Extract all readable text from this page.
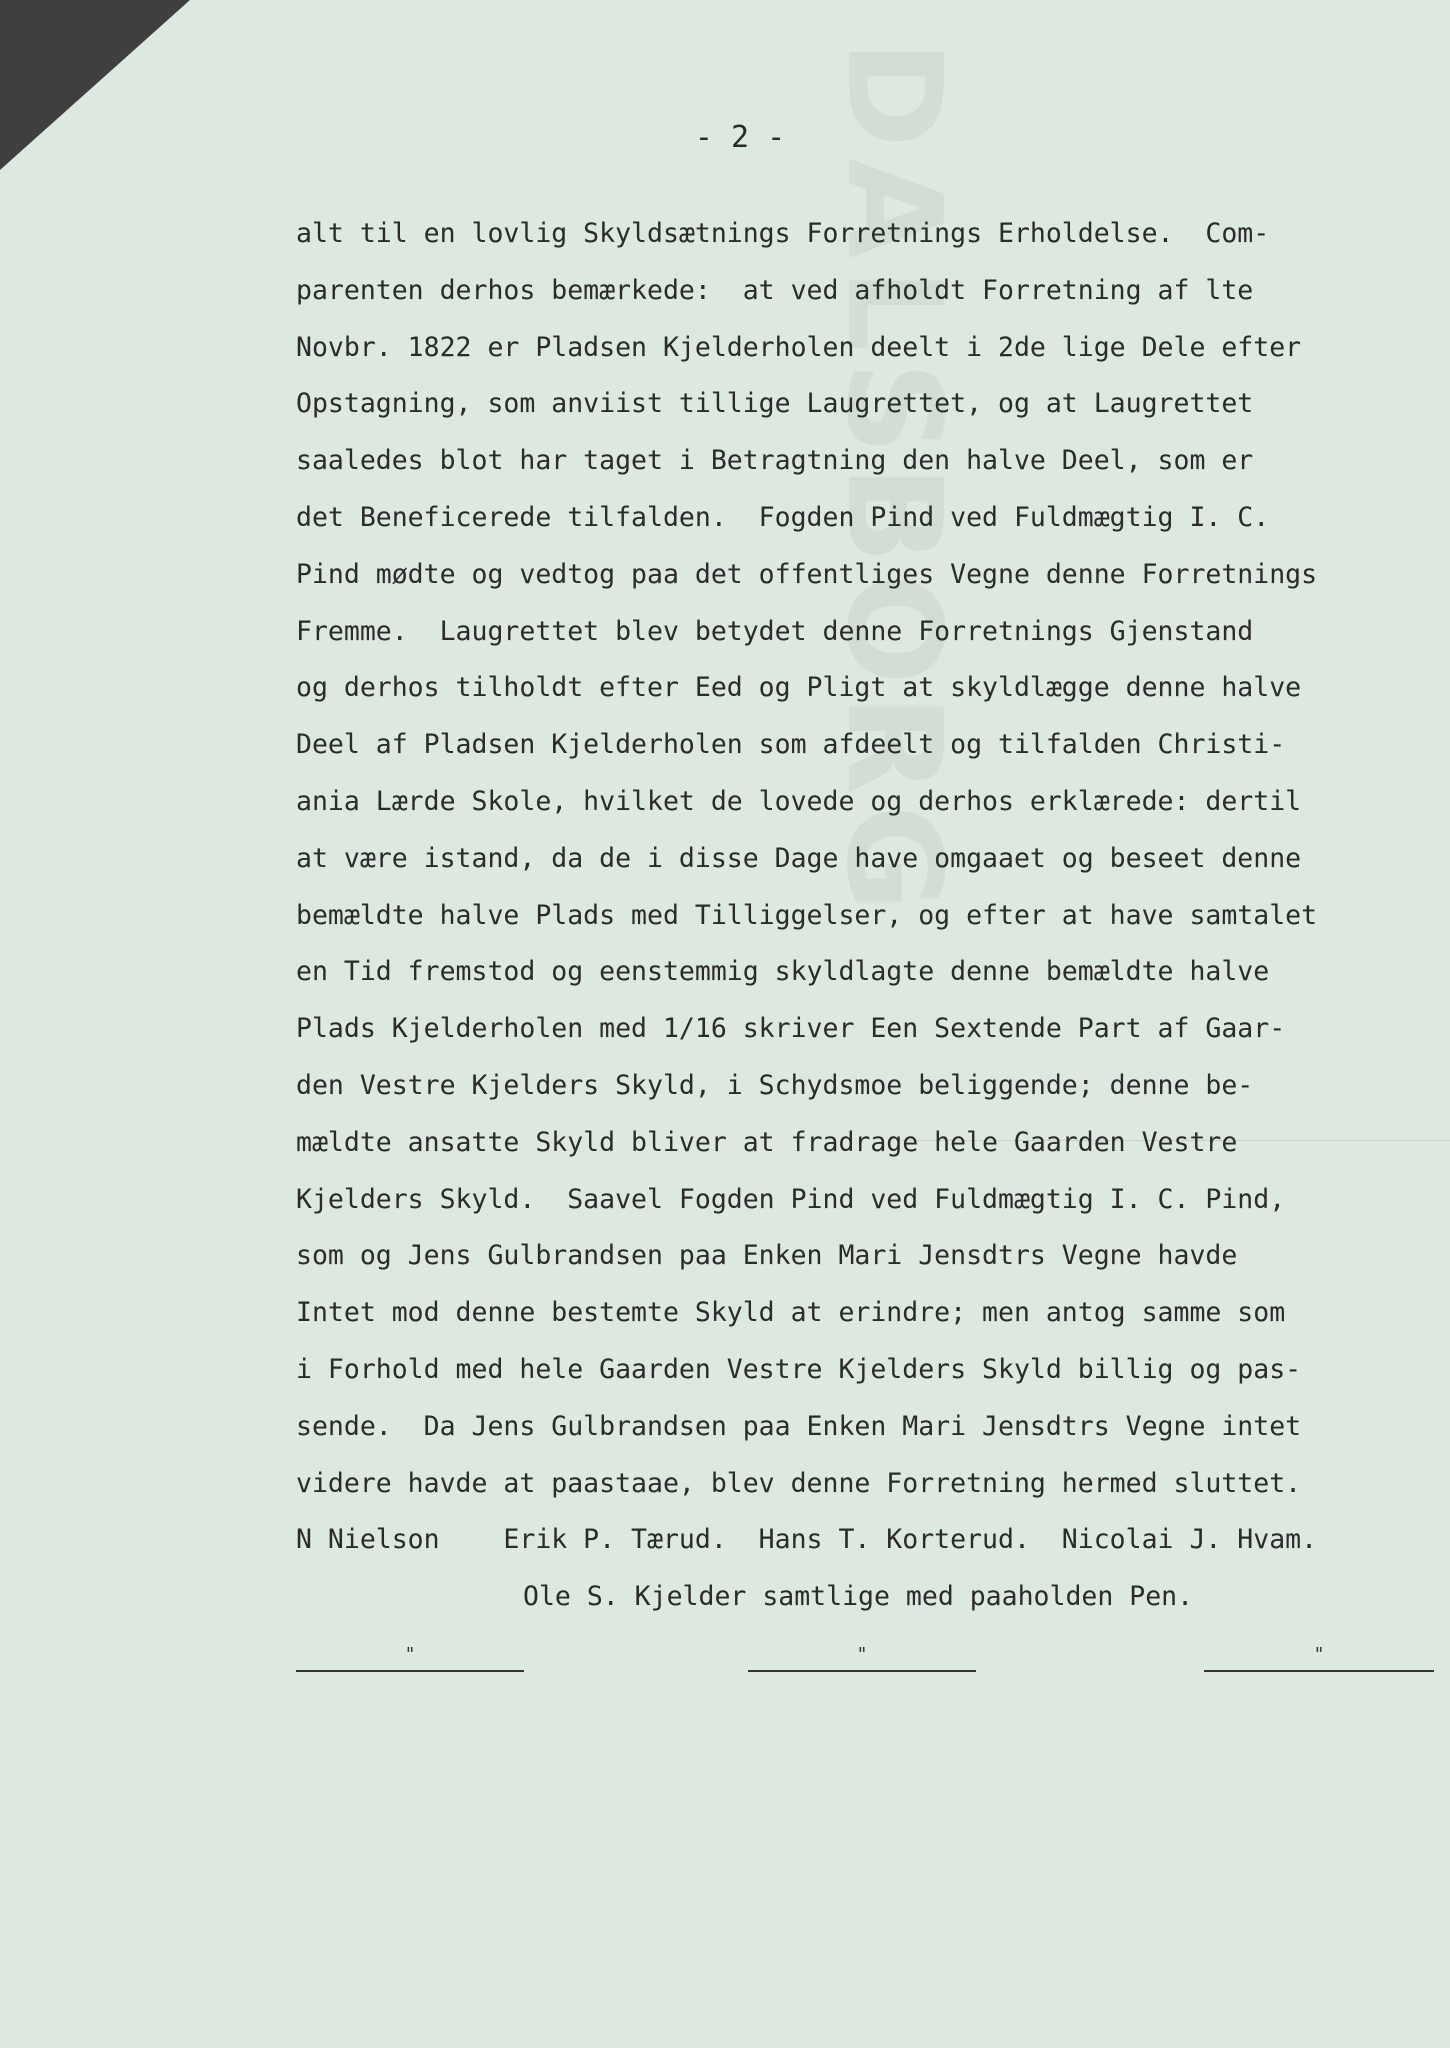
DALSBORG
- 2 -
alt til en lovlig Skyldsætnings Forretnings Erholdelse.  Com-
parenten derhos bemærkede:  at ved afholdt Forretning af lte
Novbr. 1822 er Pladsen Kjelderholen deelt i 2de lige Dele efter
Opstagning, som anviist tillige Laugrettet, og at Laugrettet
saaledes blot har taget i Betragtning den halve Deel, som er
det Beneficerede tilfalden.  Fogden Pind ved Fuldmægtig I. C.
Pind mødte og vedtog paa det offentliges Vegne denne Forretnings
Fremme.  Laugrettet blev betydet denne Forretnings Gjenstand
og derhos tilholdt efter Eed og Pligt at skyldlægge denne halve
Deel af Pladsen Kjelderholen som afdeelt og tilfalden Christi-
ania Lærde Skole, hvilket de lovede og derhos erklærede: dertil
at være istand, da de i disse Dage have omgaaet og beseet denne
bemældte halve Plads med Tilliggelser, og efter at have samtalet
en Tid fremstod og eenstemmig skyldlagte denne bemældte halve
Plads Kjelderholen med 1/16 skriver Een Sextende Part af Gaar-
den Vestre Kjelders Skyld, i Schydsmoe beliggende; denne be-
mældte ansatte Skyld bliver at fradrage hele Gaarden Vestre
Kjelders Skyld.  Saavel Fogden Pind ved Fuldmægtig I. C. Pind,
som og Jens Gulbrandsen paa Enken Mari Jensdtrs Vegne havde
Intet mod denne bestemte Skyld at erindre; men antog samme som
i Forhold med hele Gaarden Vestre Kjelders Skyld billig og pas-
sende.  Da Jens Gulbrandsen paa Enken Mari Jensdtrs Vegne intet
videre havde at paastaae, blev denne Forretning hermed sluttet.
N Nielson    Erik P. Tærud.  Hans T. Korterud.  Nicolai J. Hvam.
Ole S. Kjelder samtlige med paaholden Pen.
"	"	"
